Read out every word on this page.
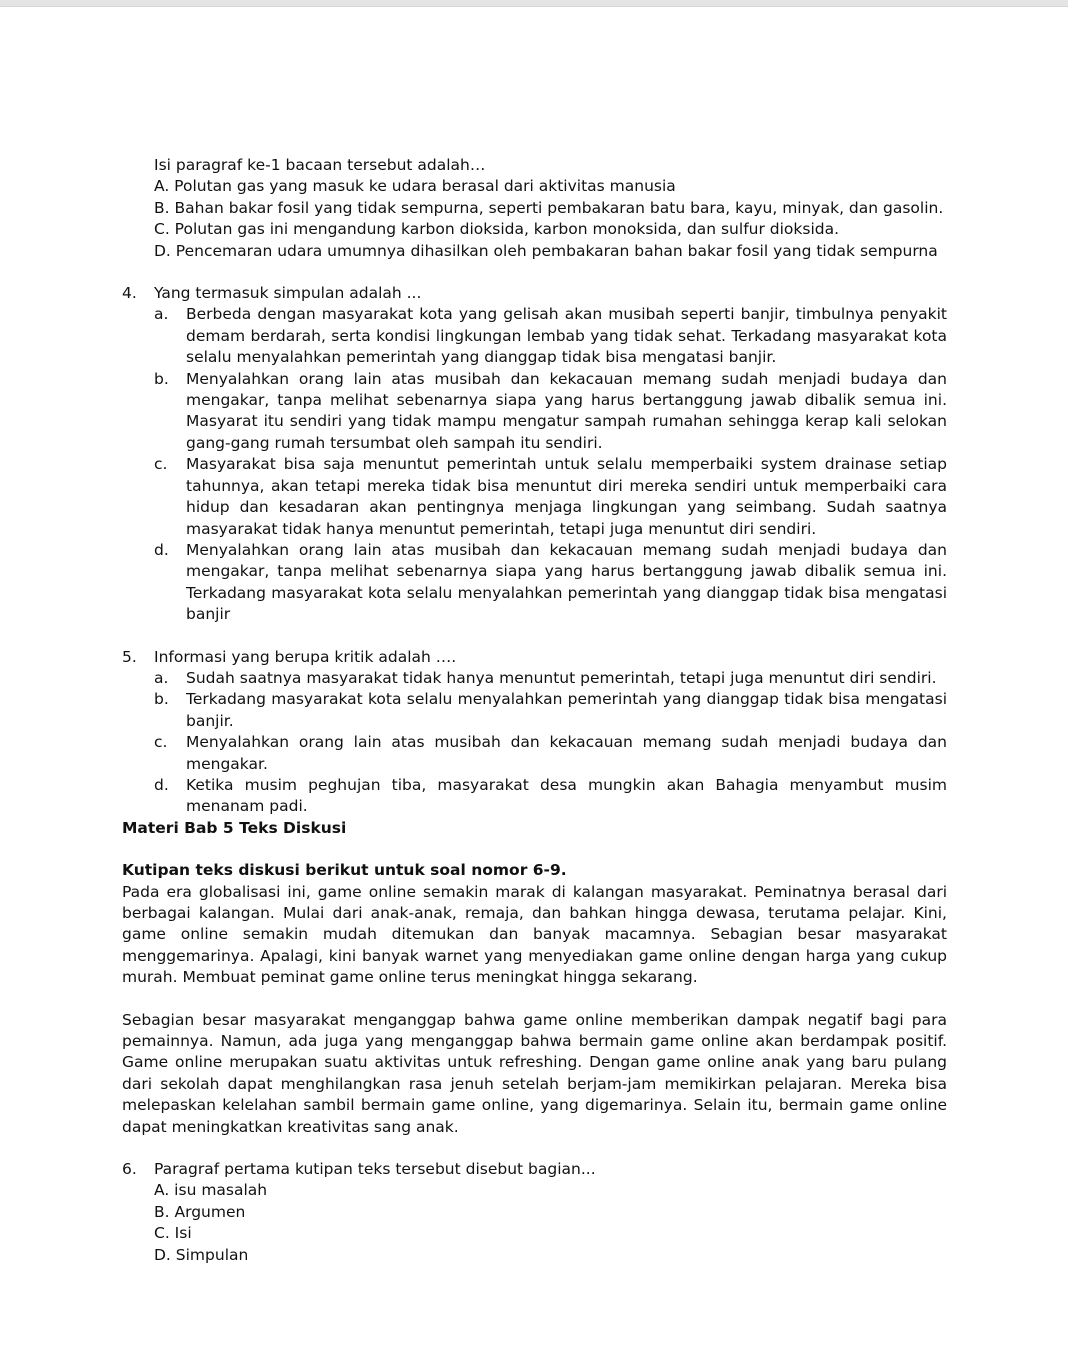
Isi paragraf ke-1 bacaan tersebut adalah…
A. Polutan gas yang masuk ke udara berasal dari aktivitas manusia
B. Bahan bakar fosil yang tidak sempurna, seperti pembakaran batu bara, kayu, minyak, dan gasolin.
C. Polutan gas ini mengandung karbon dioksida, karbon monoksida, dan sulfur dioksida.
D. Pencemaran udara umumnya dihasilkan oleh pembakaran bahan bakar fosil yang tidak sempurna
4.	Yang termasuk simpulan adalah ...
a.	Berbeda dengan masyarakat kota yang gelisah akan musibah seperti banjir, timbulnya penyakit demam berdarah, serta kondisi lingkungan lembab yang tidak sehat. Terkadang masyarakat kota selalu menyalahkan pemerintah yang dianggap tidak bisa mengatasi banjir.
b.	Menyalahkan orang lain atas musibah dan kekacauan memang sudah menjadi budaya dan mengakar, tanpa melihat sebenarnya siapa yang harus bertanggung jawab dibalik semua ini. Masyarat itu sendiri yang tidak mampu mengatur sampah rumahan sehingga kerap kali selokan gang-gang rumah tersumbat oleh sampah itu sendiri.
c.	Masyarakat bisa saja menuntut pemerintah untuk selalu memperbaiki system drainase setiap tahunnya, akan tetapi mereka tidak bisa menuntut diri mereka sendiri untuk memperbaiki cara hidup dan kesadaran akan pentingnya menjaga lingkungan yang seimbang. Sudah saatnya masyarakat tidak hanya menuntut pemerintah, tetapi juga menuntut diri sendiri.
d.	Menyalahkan orang lain atas musibah dan kekacauan memang sudah menjadi budaya dan mengakar, tanpa melihat sebenarnya siapa yang harus bertanggung jawab dibalik semua ini. Terkadang masyarakat kota selalu menyalahkan pemerintah yang dianggap tidak bisa mengatasi banjir
5.	Informasi yang berupa kritik adalah ….
a.	Sudah saatnya masyarakat tidak hanya menuntut pemerintah, tetapi juga menuntut diri sendiri.
b.	Terkadang masyarakat kota selalu menyalahkan pemerintah yang dianggap tidak bisa mengatasi banjir.
c.	Menyalahkan orang lain atas musibah dan kekacauan memang sudah menjadi budaya dan mengakar.
d.	Ketika musim peghujan tiba, masyarakat desa mungkin akan Bahagia menyambut musim menanam padi.
Materi Bab 5 Teks Diskusi
Kutipan teks diskusi berikut untuk soal nomor 6-9.
Pada era globalisasi ini, game online semakin marak di kalangan masyarakat. Peminatnya berasal dari berbagai kalangan. Mulai dari anak-anak, remaja, dan bahkan hingga dewasa, terutama pelajar. Kini, game online semakin mudah ditemukan dan banyak macamnya. Sebagian besar masyarakat menggemarinya. Apalagi, kini banyak warnet yang menyediakan game online dengan harga yang cukup murah. Membuat peminat game online terus meningkat hingga sekarang.
Sebagian besar masyarakat menganggap bahwa game online memberikan dampak negatif bagi para pemainnya. Namun, ada juga yang menganggap bahwa bermain game online akan berdampak positif. Game online merupakan suatu aktivitas untuk refreshing. Dengan game online anak yang baru pulang dari sekolah dapat menghilangkan rasa jenuh setelah berjam-jam memikirkan pelajaran. Mereka bisa melepaskan kelelahan sambil bermain game online, yang digemarinya. Selain itu, bermain game online dapat meningkatkan kreativitas sang anak.
6.	Paragraf pertama kutipan teks tersebut disebut bagian...
A. isu masalah
B. Argumen
C. Isi
D. Simpulan
